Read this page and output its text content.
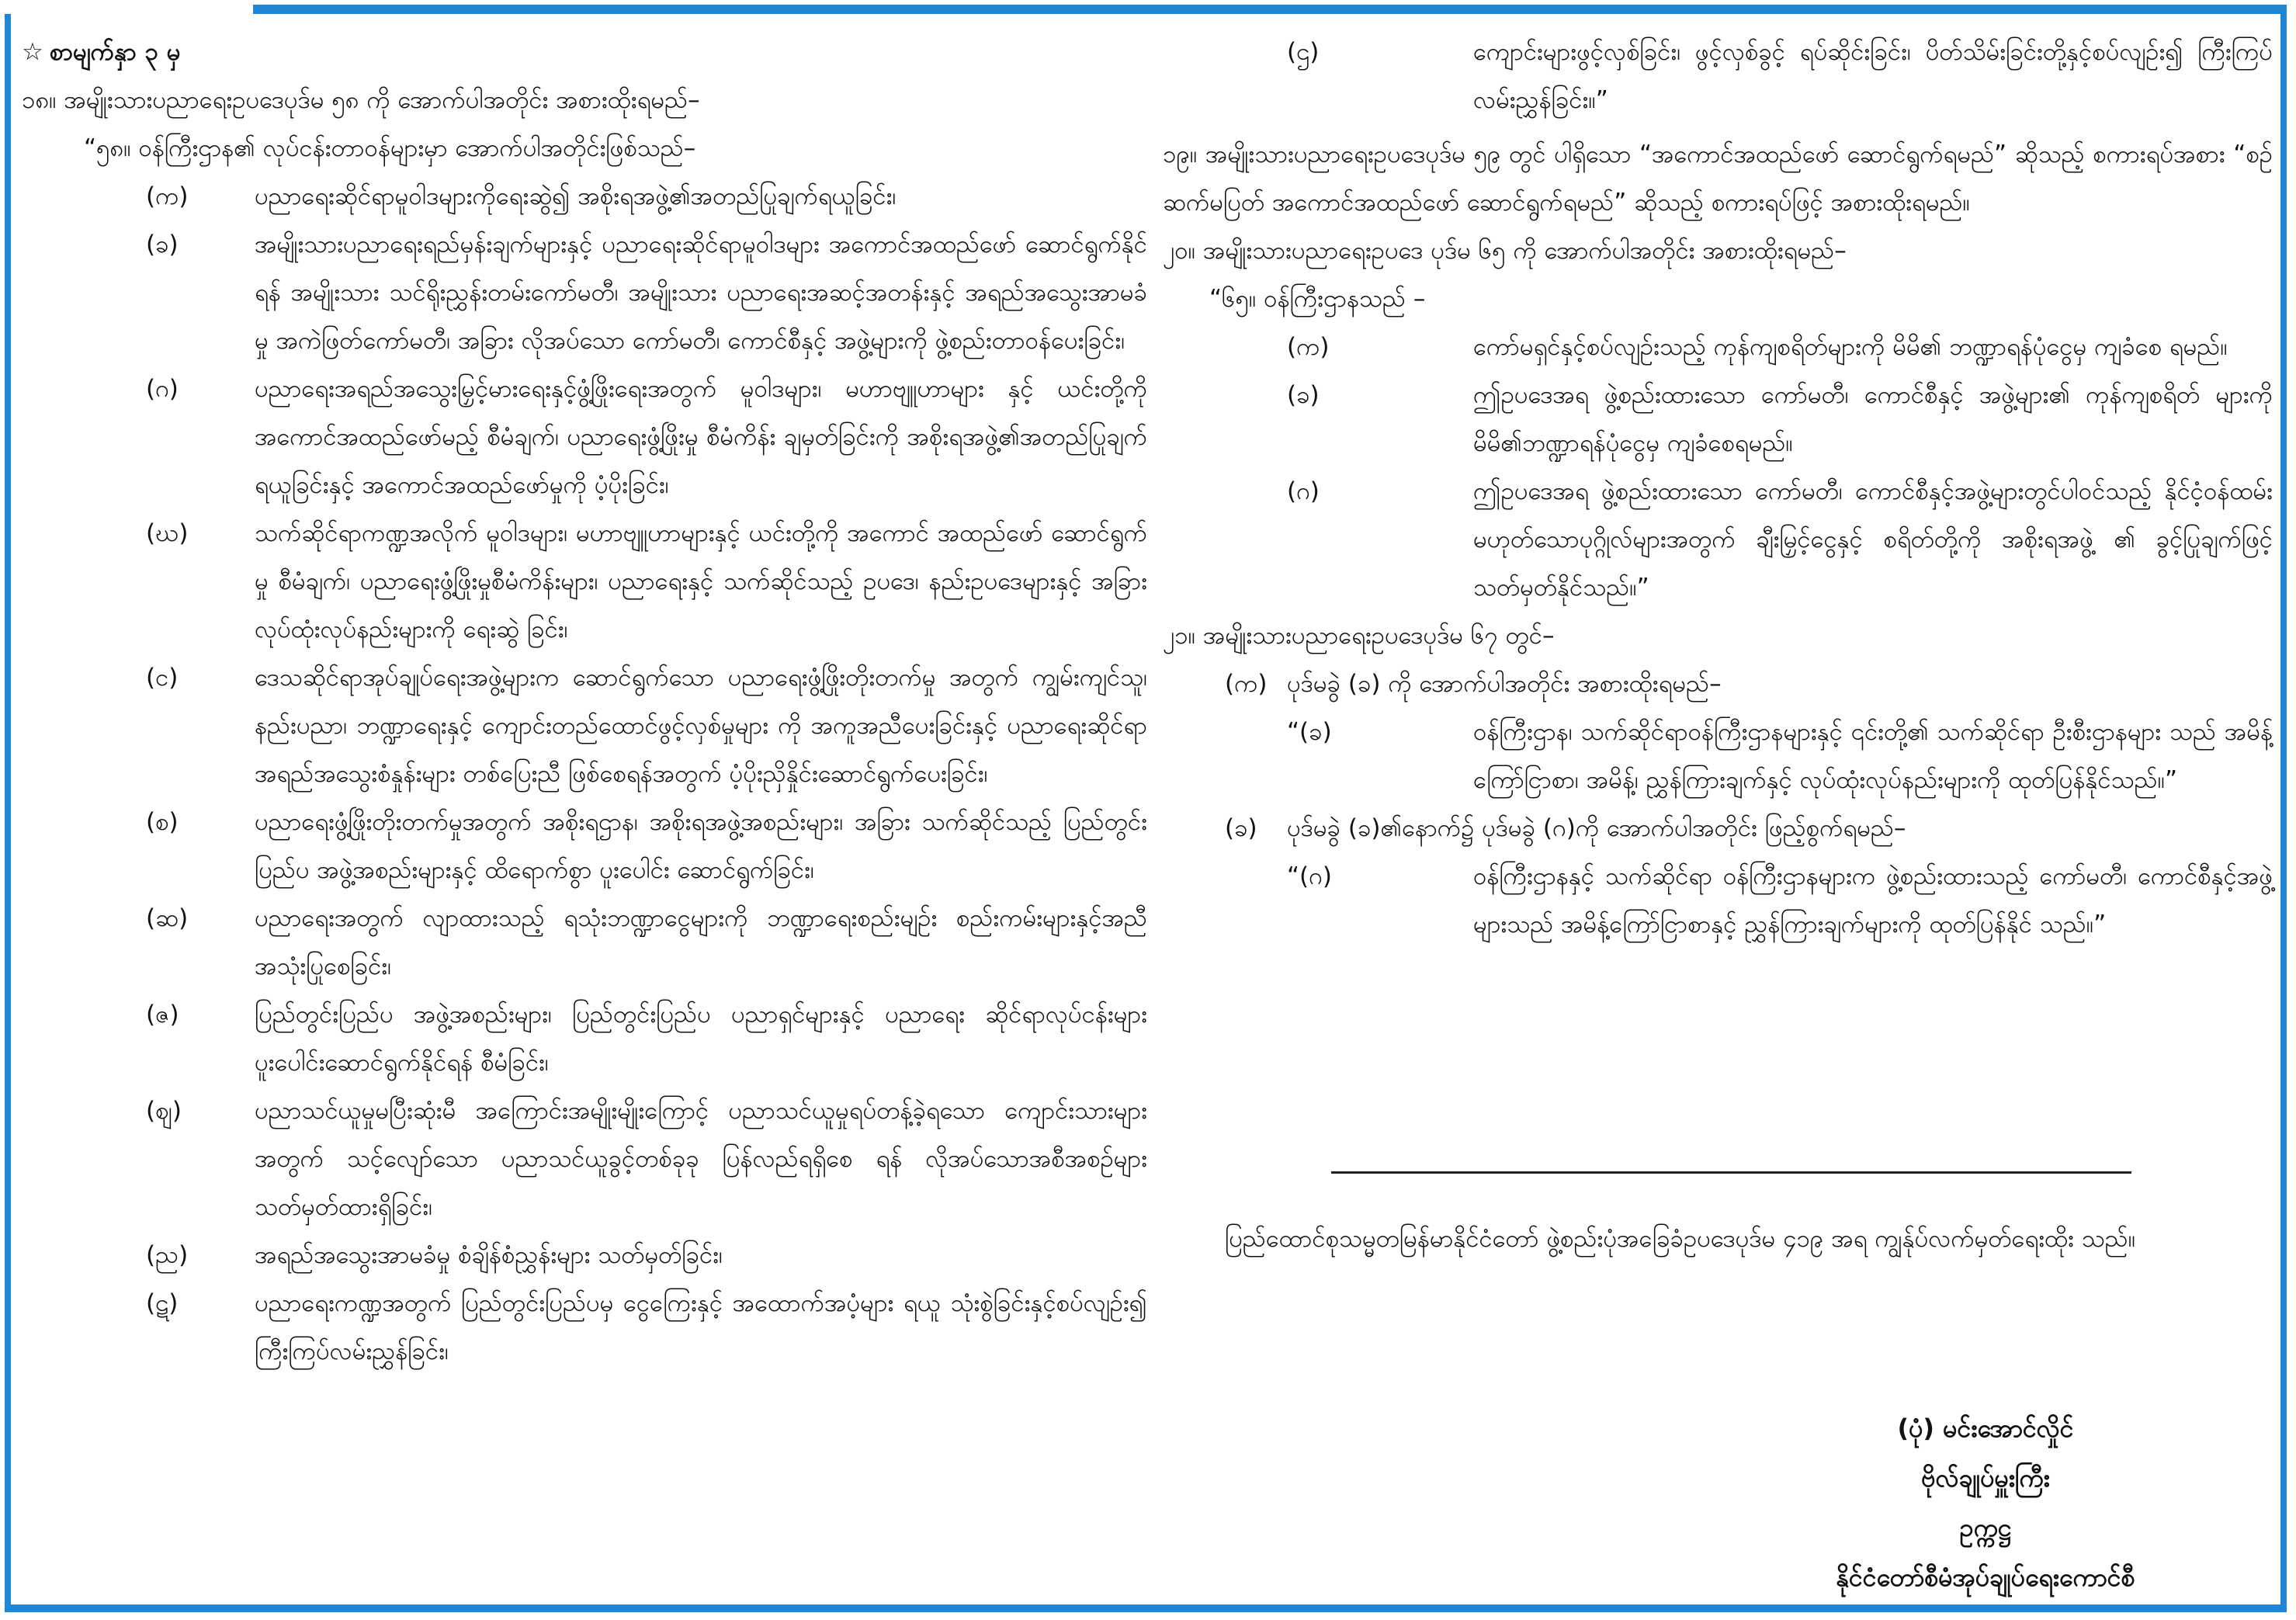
☆ စာမျက်နှာ ၃ မှ

၁၈။ အမျိုးသားပညာရေးဥပဒေပုဒ်မ ၅၈ ကို အောက်ပါအတိုင်း အစားထိုးရမည်–

“၅၈။ ဝန်ကြီးဌာန၏ လုပ်ငန်းတာဝန်များမှာ အောက်ပါအတိုင်းဖြစ်သည်–

(က)	ပညာရေးဆိုင်ရာမူဝါဒများကိုရေးဆွဲ၍ အစိုးရအဖွဲ့၏အတည်ပြုချက်ရယူခြင်း၊
(ခ)	အမျိုးသားပညာရေးရည်မှန်းချက်များနှင့် ပညာရေးဆိုင်ရာမူဝါဒများ အကောင်အထည်ဖော် ဆောင်ရွက်နိုင်ရန် အမျိုးသား သင်ရိုးညွှန်းတမ်းကော်မတီ၊ အမျိုးသား ပညာရေးအဆင့်အတန်းနှင့် အရည်အသွေးအာမခံမှု အကဲဖြတ်ကော်မတီ၊ အခြား လိုအပ်သော ကော်မတီ၊ ကောင်စီနှင့် အဖွဲ့များကို ဖွဲ့စည်းတာဝန်ပေးခြင်း၊
(ဂ)	ပညာရေးအရည်အသွေးမြှင့်မားရေးနှင့်ဖွံ့ဖြိုးရေးအတွက် မူဝါဒများ၊ မဟာဗျူဟာများ နှင့် ယင်းတို့ကို အကောင်အထည်ဖော်မည့် စီမံချက်၊ ပညာရေးဖွံ့ဖြိုးမှု စီမံကိန်း ချမှတ်ခြင်းကို အစိုးရအဖွဲ့၏အတည်ပြုချက်ရယူခြင်းနှင့် အကောင်အထည်ဖော်မှုကို ပံ့ပိုးခြင်း၊
(ဃ)	သက်ဆိုင်ရာကဏ္ဍအလိုက် မူဝါဒများ၊ မဟာဗျူဟာများနှင့် ယင်းတို့ကို အကောင် အထည်ဖော် ဆောင်ရွက်မှု စီမံချက်၊ ပညာရေးဖွံ့ဖြိုးမှုစီမံကိန်းများ၊ ပညာရေးနှင့် သက်ဆိုင်သည့် ဥပဒေ၊ နည်းဥပဒေများနှင့် အခြားလုပ်ထုံးလုပ်နည်းများကို ရေးဆွဲ ခြင်း၊
(င)	ဒေသဆိုင်ရာအုပ်ချုပ်ရေးအဖွဲ့များက ဆောင်ရွက်သော ပညာရေးဖွံ့ဖြိုးတိုးတက်မှု အတွက် ကျွမ်းကျင်သူ၊ နည်းပညာ၊ ဘဏ္ဍာရေးနှင့် ကျောင်းတည်ထောင်ဖွင့်လှစ်မှုများ ကို အကူအညီပေးခြင်းနှင့် ပညာရေးဆိုင်ရာ အရည်အသွေးစံနှုန်းများ တစ်ပြေးညီ ဖြစ်စေရန်အတွက် ပံ့ပိုးညှိနှိုင်းဆောင်ရွက်ပေးခြင်း၊
(စ)	ပညာရေးဖွံ့ဖြိုးတိုးတက်မှုအတွက် အစိုးရဌာန၊ အစိုးရအဖွဲ့အစည်းများ၊ အခြား သက်ဆိုင်သည့် ပြည်တွင်းပြည်ပ အဖွဲ့အစည်းများနှင့် ထိရောက်စွာ ပူးပေါင်း ဆောင်ရွက်ခြင်း၊
(ဆ)	ပညာရေးအတွက် လျာထားသည့် ရသုံးဘဏ္ဍာငွေများကို ဘဏ္ဍာရေးစည်းမျဉ်း စည်းကမ်းများနှင့်အညီ အသုံးပြုစေခြင်း၊
(ဇ)	ပြည်တွင်းပြည်ပ အဖွဲ့အစည်းများ၊ ပြည်တွင်းပြည်ပ ပညာရှင်များနှင့် ပညာရေး ဆိုင်ရာလုပ်ငန်းများ ပူးပေါင်းဆောင်ရွက်နိုင်ရန် စီမံခြင်း၊
(ဈ)	ပညာသင်ယူမှုမပြီးဆုံးမီ အကြောင်းအမျိုးမျိုးကြောင့် ပညာသင်ယူမှုရပ်တန့်ခဲ့ရသော ကျောင်းသားများအတွက် သင့်လျော်သော ပညာသင်ယူခွင့်တစ်ခုခု ပြန်လည်ရရှိစေ ရန် လိုအပ်သောအစီအစဉ်များ သတ်မှတ်ထားရှိခြင်း၊
(ည)	အရည်အသွေးအာမခံမှု စံချိန်စံညွှန်းများ သတ်မှတ်ခြင်း၊
(ဋ)	ပညာရေးကဏ္ဍအတွက် ပြည်တွင်းပြည်ပမှ ငွေကြေးနှင့် အထောက်အပံ့များ ရယူ သုံးစွဲခြင်းနှင့်စပ်လျဉ်း၍ ကြီးကြပ်လမ်းညွှန်ခြင်း၊
(ဌ)	ကျောင်းများဖွင့်လှစ်ခြင်း၊ ဖွင့်လှစ်ခွင့် ရပ်ဆိုင်းခြင်း၊ ပိတ်သိမ်းခြင်းတို့နှင့်စပ်လျဉ်း၍ ကြီးကြပ်လမ်းညွှန်ခြင်း။”

၁၉။ အမျိုးသားပညာရေးဥပဒေပုဒ်မ ၅၉ တွင် ပါရှိသော “အကောင်အထည်ဖော် ဆောင်ရွက်ရမည်” ဆိုသည့် စကားရပ်အစား “စဉ်ဆက်မပြတ် အကောင်အထည်ဖော် ဆောင်ရွက်ရမည်” ဆိုသည့် စကားရပ်ဖြင့် အစားထိုးရမည်။

၂၀။ အမျိုးသားပညာရေးဥပဒေ ပုဒ်မ ၆၅ ကို အောက်ပါအတိုင်း အစားထိုးရမည်–

“၆၅။ ဝန်ကြီးဌာနသည် –

(က)	ကော်မရှင်နှင့်စပ်လျဉ်းသည့် ကုန်ကျစရိတ်များကို မိမိ၏ ဘဏ္ဍာရန်ပုံငွေမှ ကျခံစေ ရမည်။
(ခ)	ဤဥပဒေအရ ဖွဲ့စည်းထားသော ကော်မတီ၊ ကောင်စီနှင့် အဖွဲ့များ၏ ကုန်ကျစရိတ် များကို မိမိ၏ဘဏ္ဍာရန်ပုံငွေမှ ကျခံစေရမည်။
(ဂ)	ဤဥပဒေအရ ဖွဲ့စည်းထားသော ကော်မတီ၊ ကောင်စီနှင့်အဖွဲ့များတွင်ပါဝင်သည့် နိုင်ငံ့ဝန်ထမ်းမဟုတ်သောပုဂ္ဂိုလ်များအတွက် ချီးမြှင့်ငွေနှင့် စရိတ်တို့ကို အစိုးရအဖွဲ့ ၏ ခွင့်ပြုချက်ဖြင့် သတ်မှတ်နိုင်သည်။”

၂၁။ အမျိုးသားပညာရေးဥပဒေပုဒ်မ ၆၇ တွင်–

(က) ပုဒ်မခွဲ (ခ) ကို အောက်ပါအတိုင်း အစားထိုးရမည်–
“(ခ)	ဝန်ကြီးဌာန၊ သက်ဆိုင်ရာဝန်ကြီးဌာနများနှင့် ၎င်းတို့၏ သက်ဆိုင်ရာ ဦးစီးဌာနများ သည် အမိန့်ကြော်ငြာစာ၊ အမိန့်၊ ညွှန်ကြားချက်နှင့် လုပ်ထုံးလုပ်နည်းများကို ထုတ်ပြန်နိုင်သည်။”
(ခ)	ပုဒ်မခွဲ (ခ)၏နောက်၌ ပုဒ်မခွဲ (ဂ)ကို အောက်ပါအတိုင်း ဖြည့်စွက်ရမည်–
“(ဂ)	ဝန်ကြီးဌာနနှင့် သက်ဆိုင်ရာ ဝန်ကြီးဌာနများက ဖွဲ့စည်းထားသည့် ကော်မတီ၊ ကောင်စီနှင့်အဖွဲ့များသည် အမိန့်ကြော်ငြာစာနှင့် ညွှန်ကြားချက်များကို ထုတ်ပြန်နိုင် သည်။”

ပြည်ထောင်စုသမ္မတမြန်မာနိုင်ငံတော် ဖွဲ့စည်းပုံအခြေခံဥပဒေပုဒ်မ ၄၁၉ အရ ကျွန်ုပ်လက်မှတ်ရေးထိုး သည်။

(ပုံ) မင်းအောင်လှိုင်
ဗိုလ်ချုပ်မှူးကြီး
ဥက္ကဋ္ဌ
နိုင်ငံတော်စီမံအုပ်ချုပ်ရေးကောင်စီ
